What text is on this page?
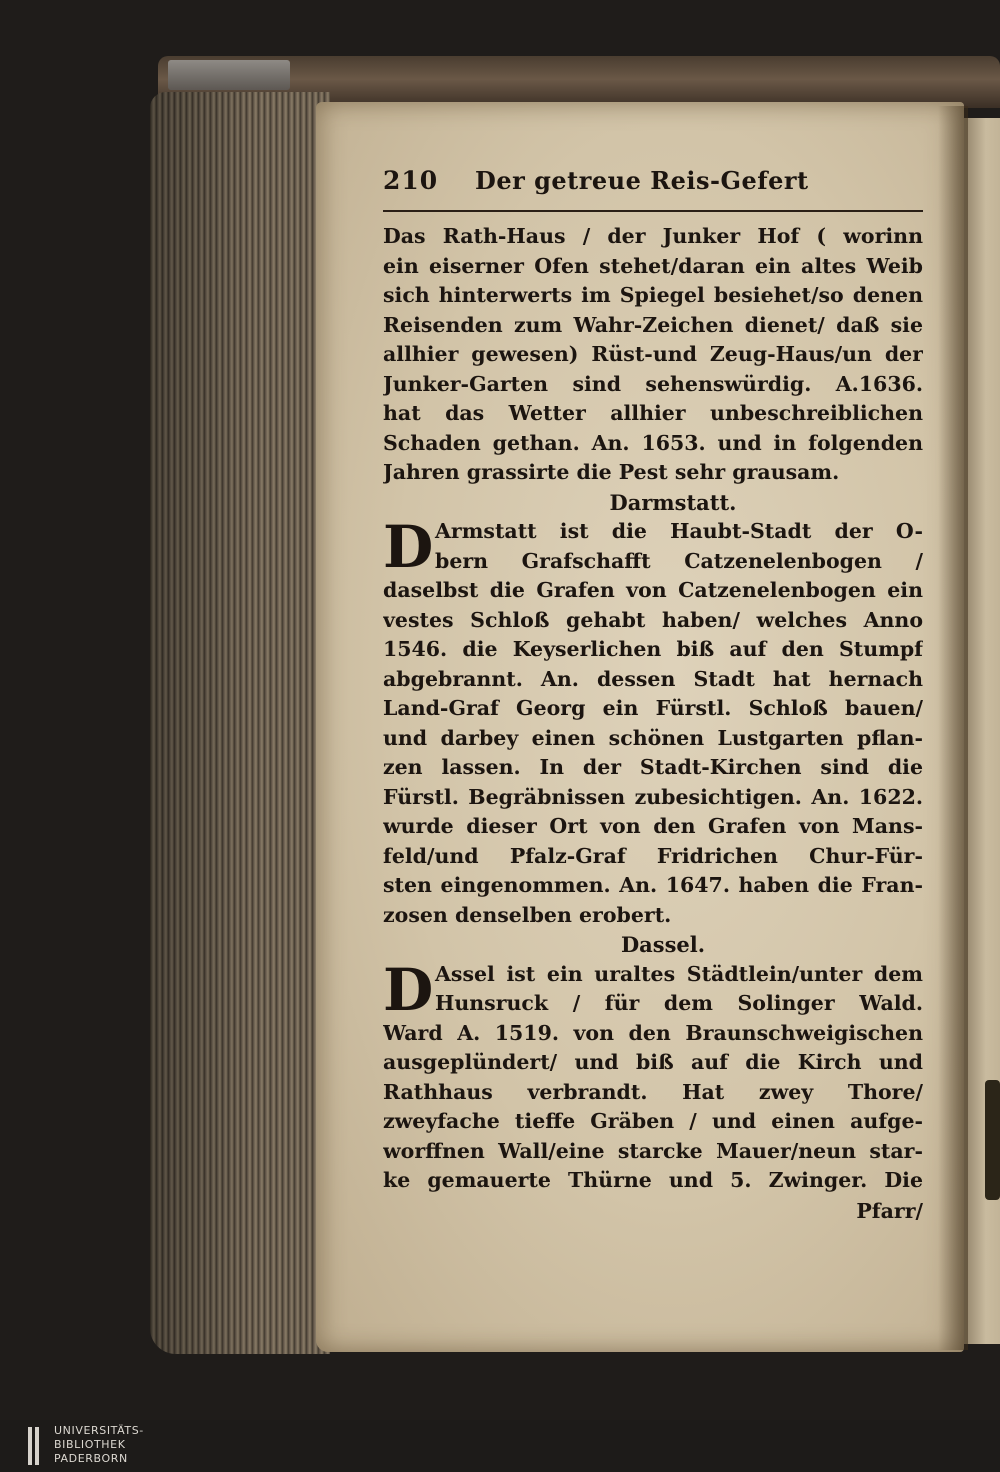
210	Der getreue Reis-Gefert
Das Rath-Haus / der Junker Hof ( worinn
ein eiserner Ofen stehet/daran ein altes Weib
sich hinterwerts im Spiegel besiehet/so denen
Reisenden zum Wahr-Zeichen dienet/ daß sie
allhier gewesen) Rüst-und Zeug-Haus/un der
Junker-Garten sind sehenswürdig. A.1636.
hat das Wetter allhier unbeschreiblichen
Schaden gethan. An. 1653. und in folgenden
Jahren grassirte die Pest sehr grausam.
Darmstatt.
D Armstatt ist die Haubt-Stadt der O-
bern Grafschafft Catzenelenbogen /
daselbst die Grafen von Catzenelenbogen ein
vestes Schloß gehabt haben/ welches Anno
1546. die Keyserlichen biß auf den Stumpf
abgebrannt. An. dessen Stadt hat hernach
Land-Graf Georg ein Fürstl. Schloß bauen/
und darbey einen schönen Lustgarten pflan-
zen lassen. In der Stadt-Kirchen sind die
Fürstl. Begräbnissen zubesichtigen. An. 1622.
wurde dieser Ort von den Grafen von Mans-
feld/und Pfalz-Graf Fridrichen Chur-Für-
sten eingenommen. An. 1647. haben die Fran-
zosen denselben erobert.
Dassel.
D Assel ist ein uraltes Städtlein/unter dem
Hunsruck / für dem Solinger Wald.
Ward A. 1519. von den Braunschweigischen
ausgeplündert/ und biß auf die Kirch und
Rathhaus verbrandt. Hat zwey Thore/
zweyfache tieffe Gräben / und einen aufge-
worffnen Wall/eine starcke Mauer/neun star-
ke gemauerte Thürne und 5. Zwinger. Die
Pfarr/
UNIVERSITÄTS-
BIBLIOTHEK
PADERBORN
